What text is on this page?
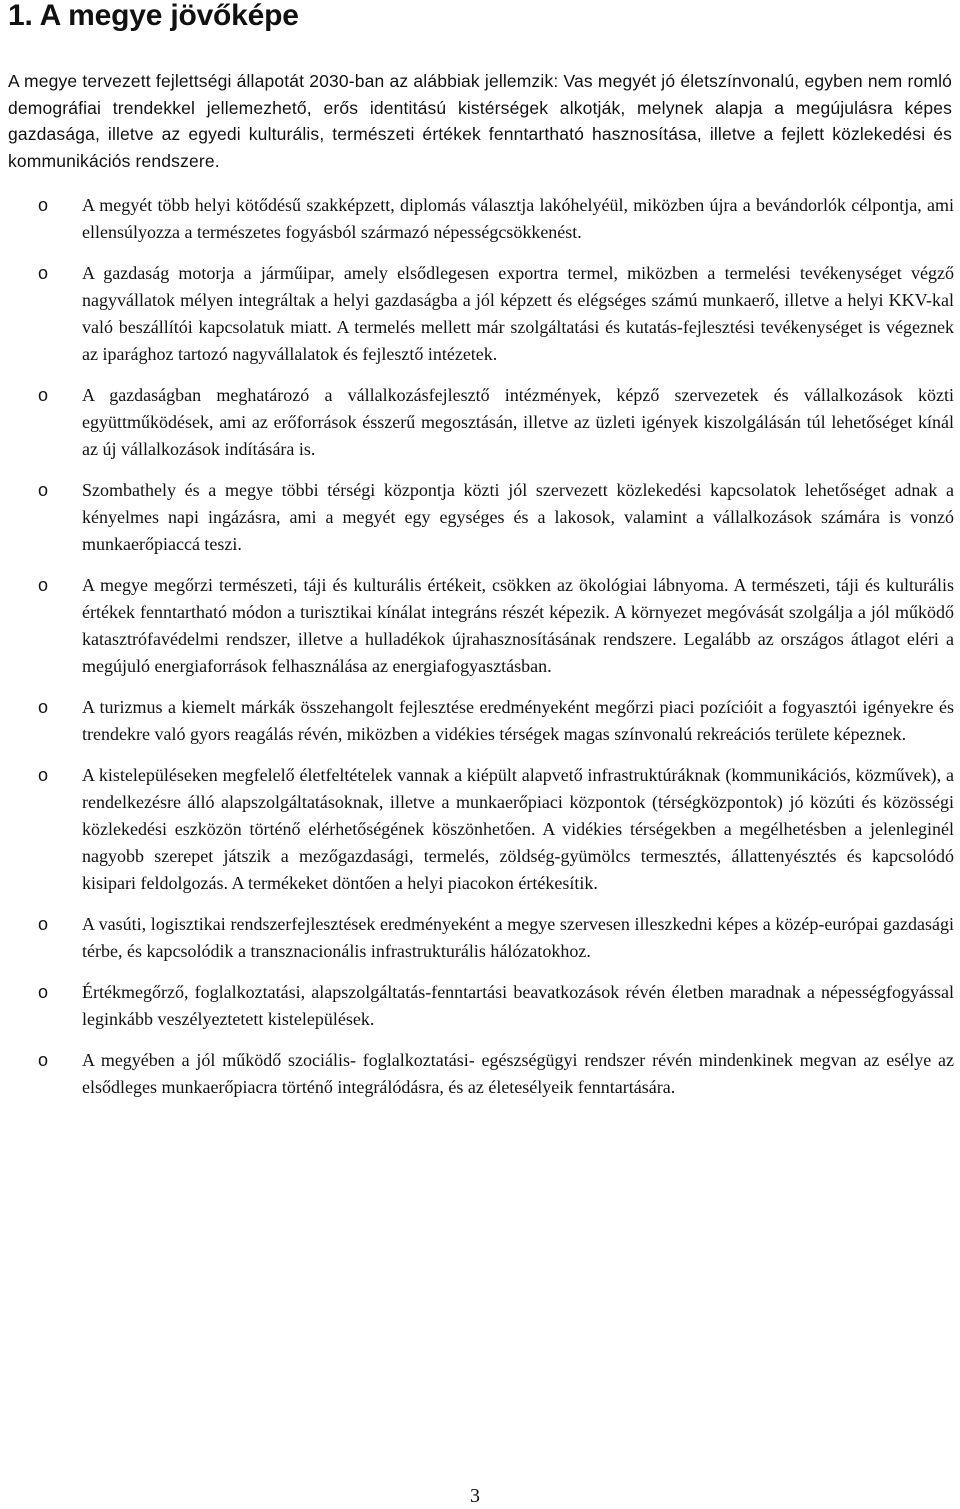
1. A megye jövőképe

A megye tervezett fejlettségi állapotát 2030-ban az alábbiak jellemzik: Vas megyét jó életszínvonalú, egyben nem romló demográfiai trendekkel jellemezhető, erős identitású kistérségek alkotják, melynek alapja a megújulásra képes gazdasága, illetve az egyedi kulturális, természeti értékek fenntartható hasznosítása, illetve a fejlett közlekedési és kommunikációs rendszere.

o A megyét több helyi kötődésű szakképzett, diplomás választja lakóhelyéül, miközben újra a bevándorlók célpontja, ami ellensúlyozza a természetes fogyásból származó népességcsökkenést.
o A gazdaság motorja a járműipar, amely elsődlegesen exportra termel, miközben a termelési tevékenységet végző nagyvállatok mélyen integráltak a helyi gazdaságba a jól képzett és elégséges számú munkaerő, illetve a helyi KKV-kal való beszállítói kapcsolatuk miatt. A termelés mellett már szolgáltatási és kutatás-fejlesztési tevékenységet is végeznek az iparághoz tartozó nagyvállalatok és fejlesztő intézetek.
o A gazdaságban meghatározó a vállalkozásfejlesztő intézmények, képző szervezetek és vállalkozások közti együttműködések, ami az erőforrások ésszerű megosztásán, illetve az üzleti igények kiszolgálásán túl lehetőséget kínál az új vállalkozások indítására is.
o Szombathely és a megye többi térségi központja közti jól szervezett közlekedési kapcsolatok lehetőséget adnak a kényelmes napi ingázásra, ami a megyét egy egységes és a lakosok, valamint a vállalkozások számára is vonzó munkaerőpiaccá teszi.
o A megye megőrzi természeti, táji és kulturális értékeit, csökken az ökológiai lábnyoma. A természeti, táji és kulturális értékek fenntartható módon a turisztikai kínálat integráns részét képezik. A környezet megóvását szolgálja a jól működő katasztrófavédelmi rendszer, illetve a hulladékok újrahasznosításának rendszere. Legalább az országos átlagot eléri a megújuló energiaforrások felhasználása az energiafogyasztásban.
o A turizmus a kiemelt márkák összehangolt fejlesztése eredményeként megőrzi piaci pozícióit a fogyasztói igényekre és trendekre való gyors reagálás révén, miközben a vidékies térségek magas színvonalú rekreációs területe képeznek.
o A kistelepüléseken megfelelő életfeltételek vannak a kiépült alapvető infrastruktúráknak (kommunikációs, közművek), a rendelkezésre álló alapszolgáltatásoknak, illetve a munkaerőpiaci központok (térségközpontok) jó közúti és közösségi közlekedési eszközön történő elérhetőségének köszönhetően. A vidékies térségekben a megélhetésben a jelenleginél nagyobb szerepet játszik a mezőgazdasági, termelés, zöldség-gyümölcs termesztés, állattenyésztés és kapcsolódó kisipari feldolgozás. A termékeket döntően a helyi piacokon értékesítik.
o A vasúti, logisztikai rendszerfejlesztések eredményeként a megye szervesen illeszkedni képes a közép-európai gazdasági térbe, és kapcsolódik a transznacionális infrastrukturális hálózatokhoz.
o Értékmegőrző, foglalkoztatási, alapszolgáltatás-fenntartási beavatkozások révén életben maradnak a népességfogyással leginkább veszélyeztetett kistelepülések.
o A megyében a jól működő szociális- foglalkoztatási- egészségügyi rendszer révén mindenkinek megvan az esélye az elsődleges munkaerőpiacra történő integrálódásra, és az életesélyeik fenntartására.
3
